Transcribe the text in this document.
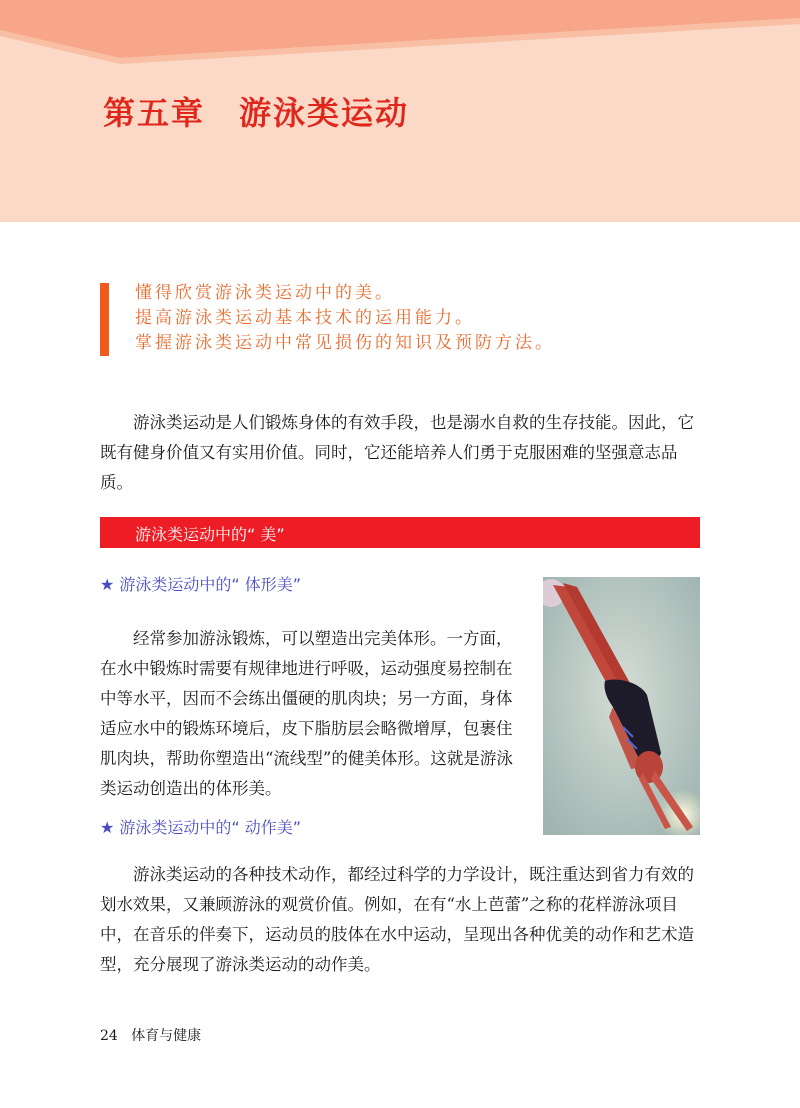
第五章　游泳类运动
懂得欣赏游泳类运动中的美。
提高游泳类运动基本技术的运用能力。
掌握游泳类运动中常见损伤的知识及预防方法。

　　游泳类运动是人们锻炼身体的有效手段，也是溺水自救的生存技能。因此，它既有健身价值又有实用价值。同时，它还能培养人们勇于克服困难的坚强意志品质。

游泳类运动中的“ 美”
★ 游泳类运动中的“ 体形美”

　　经常参加游泳锻炼，可以塑造出完美体形。一方面，在水中锻炼时需要有规律地进行呼吸，运动强度易控制在中等水平，因而不会练出僵硬的肌肉块；另一方面，身体适应水中的锻炼环境后，皮下脂肪层会略微增厚，包裹住肌肉块，帮助你塑造出“流线型”的健美体形。这就是游泳类运动创造出的体形美。

★ 游泳类运动中的“ 动作美”

　　游泳类运动的各种技术动作，都经过科学的力学设计，既注重达到省力有效的划水效果，又兼顾游泳的观赏价值。例如，在有“水上芭蕾”之称的花样游泳项目中，在音乐的伴奏下，运动员的肢体在水中运动，呈现出各种优美的动作和艺术造型，充分展现了游泳类运动的动作美。

24 体育与健康
